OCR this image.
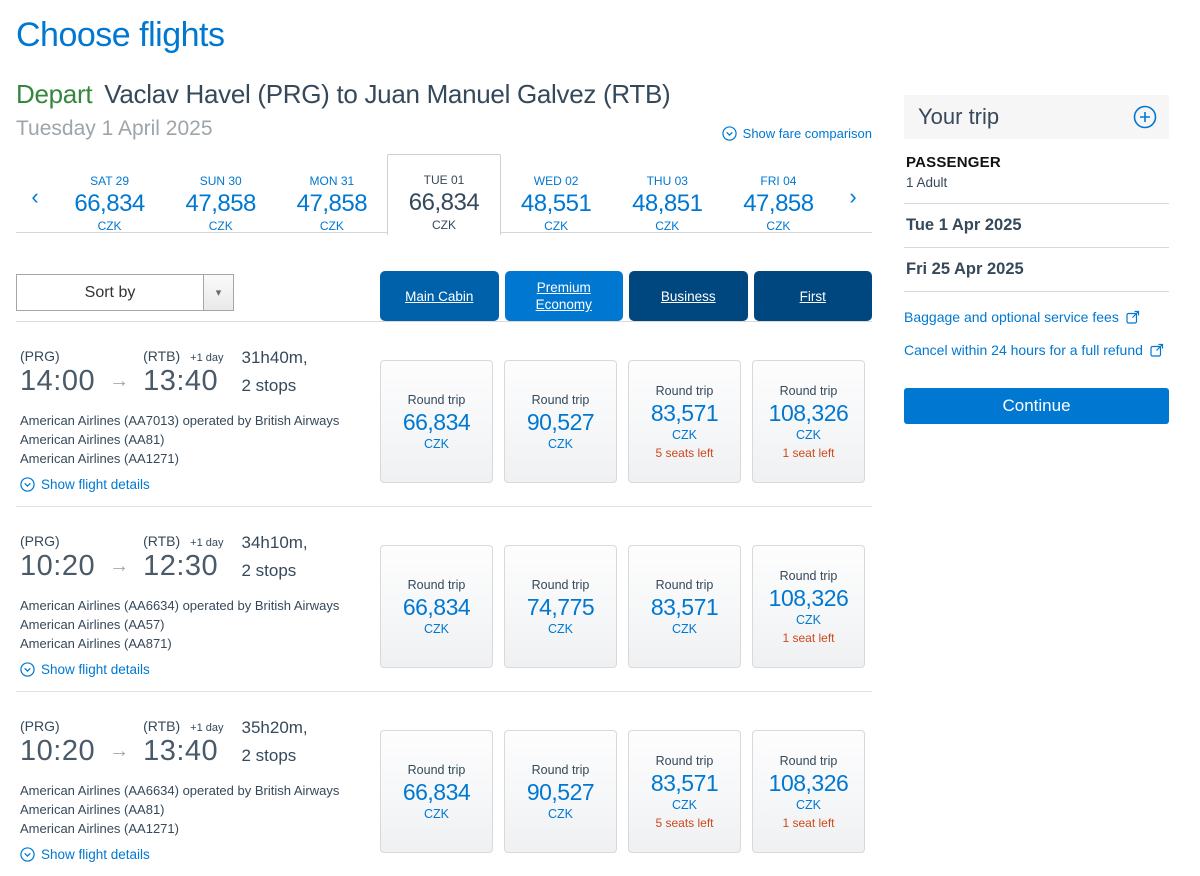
Choose flights
Depart Vaclav Havel (PRG) to Juan Manuel Galvez (RTB)
Tuesday 1 April 2025	Show fare comparison
‹
SAT 29
66,834
CZK
SUN 30
47,858
CZK
MON 31
47,858
CZK
TUE 01
66,834
CZK
WED 02
48,551
CZK
THU 03
48,851
CZK
FRI 04
47,858
CZK
›
Sort by	▾	Main Cabin
Premium Economy
Business	First
(PRG)
14:00 →
(RTB) +1 day
13:40
31h40m,
2 stops
American Airlines (AA7013) operated by British Airways
American Airlines (AA81)
American Airlines (AA1271)
Show flight details
Round trip
66,834
CZK
Round trip
90,527
CZK
Round trip
83,571
CZK
5 seats left
Round trip
108,326
CZK
1 seat left
(PRG)
10:20 →
(RTB) +1 day
12:30
34h10m,
2 stops
American Airlines (AA6634) operated by British Airways
American Airlines (AA57)
American Airlines (AA871)
Show flight details
Round trip
66,834
CZK
Round trip
74,775
CZK
Round trip
83,571
CZK
Round trip
108,326
CZK
1 seat left
(PRG)
10:20 →
(RTB) +1 day
13:40
35h20m,
2 stops
American Airlines (AA6634) operated by British Airways
American Airlines (AA81)
American Airlines (AA1271)
Show flight details
Round trip
66,834
CZK
Round trip
90,527
CZK
Round trip
83,571
CZK
5 seats left
Round trip
108,326
CZK
1 seat left
Your trip
PASSENGER
1 Adult
Tue 1 Apr 2025
Fri 25 Apr 2025
Baggage and optional service fees
Cancel within 24 hours for a full refund
Continue
